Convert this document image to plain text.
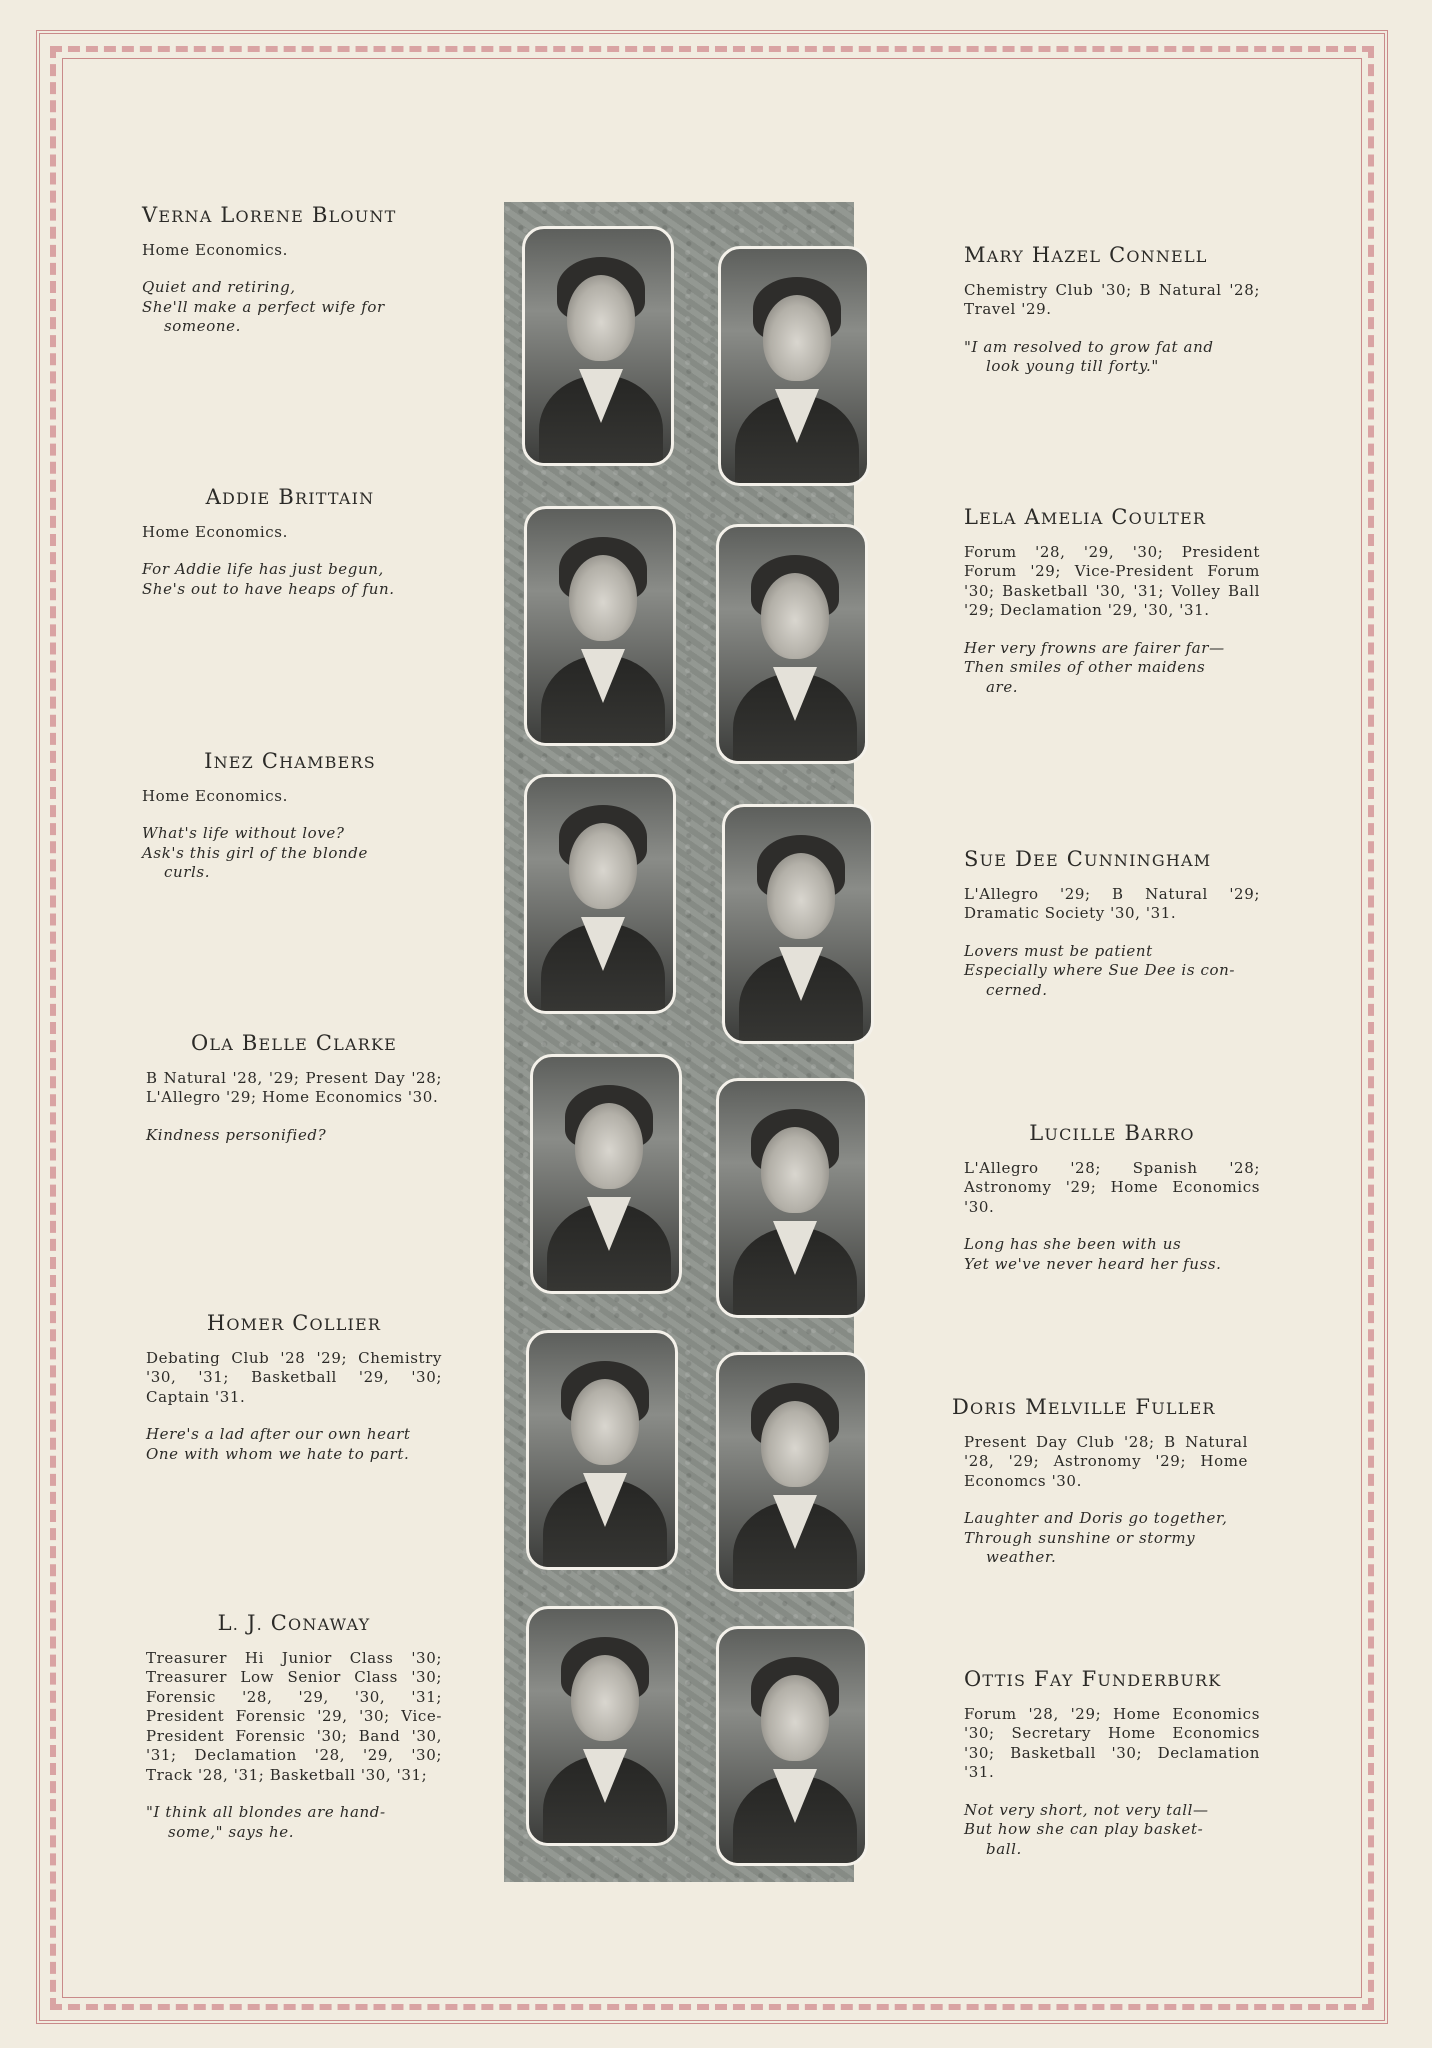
VERNA LORENE BLOUNT
Home Economics.
Quiet and retiring,
She'll make a perfect wife for
someone.
ADDIE BRITTAIN
Home Economics.
For Addie life has just begun,
She's out to have heaps of fun.
INEZ CHAMBERS
Home Economics.
What's life without love?
Ask's this girl of the blonde
curls.
OLA BELLE CLARKE
B Natural '28, '29; Present Day '28; L'Allegro '29; Home Economics '30.
Kindness personified?
HOMER COLLIER
Debating Club '28 '29; Chemistry '30, '31; Basketball '29, '30; Captain '31.
Here's a lad after our own heart
One with whom we hate to part.
L. J. CONAWAY
Treasurer Hi Junior Class '30; Treasurer Low Senior Class '30; Forensic '28, '29, '30, '31; President Forensic '29, '30; Vice-President Forensic '30; Band '30, '31; Declamation '28, '29, '30; Track '28, '31; Basketball '30, '31;
"I think all blondes are hand-
some," says he.
MARY HAZEL CONNELL
Chemistry Club '30; B Natural '28; Travel '29.
"I am resolved to grow fat and
look young till forty."
LELA AMELIA COULTER
Forum '28, '29, '30; President Forum '29; Vice-President Forum '30; Basketball '30, '31; Volley Ball '29; Declamation '29, '30, '31.
Her very frowns are fairer far—
Then smiles of other maidens
are.
SUE DEE CUNNINGHAM
L'Allegro '29; B Natural '29; Dramatic Society '30, '31.
Lovers must be patient
Especially where Sue Dee is con-
cerned.
LUCILLE BARRO
L'Allegro '28; Spanish '28; Astronomy '29; Home Economics '30.
Long has she been with us
Yet we've never heard her fuss.
DORIS MELVILLE FULLER
Present Day Club '28; B Natural '28, '29; Astronomy '29; Home Economcs '30.
Laughter and Doris go together,
Through sunshine or stormy
weather.
OTTIS FAY FUNDERBURK
Forum '28, '29; Home Economics '30; Secretary Home Economics '30; Basketball '30; Declamation '31.
Not very short, not very tall—
But how she can play basket-
ball.
